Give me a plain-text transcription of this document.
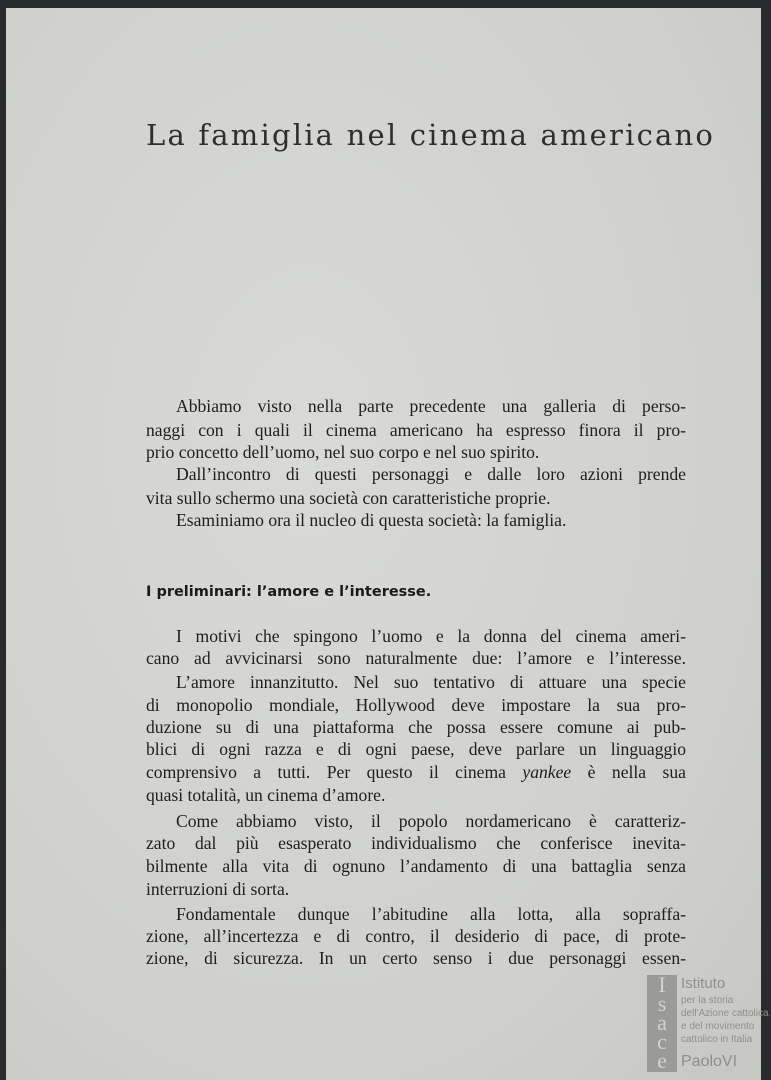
La famiglia nel cinema americano
Abbiamo visto nella parte precedente una galleria di perso-
naggi con i quali il cinema americano ha espresso finora il pro-
prio concetto dell’uomo, nel suo corpo e nel suo spirito.
Dall’incontro di questi personaggi e dalle loro azioni prende
vita sullo schermo una società con caratteristiche proprie.
Esaminiamo ora il nucleo di questa società: la famiglia.
I preliminari: l’amore e l’interesse.
I motivi che spingono l’uomo e la donna del cinema ameri-
cano ad avvicinarsi sono naturalmente due: l’amore e l’interesse.
L’amore innanzitutto. Nel suo tentativo di attuare una specie
di monopolio mondiale, Hollywood deve impostare la sua pro-
duzione su di una piattaforma che possa essere comune ai pub-
blici di ogni razza e di ogni paese, deve parlare un linguaggio
comprensivo a tutti. Per questo il cinema yankee è nella sua
quasi totalità, un cinema d’amore.
Come abbiamo visto, il popolo nordamericano è caratteriz-
zato dal più esasperato individualismo che conferisce inevita-
bilmente alla vita di ognuno l’andamento di una battaglia senza
interruzioni di sorta.
Fondamentale dunque l’abitudine alla lotta, alla sopraffa-
zione, all’incertezza e di contro, il desiderio di pace, di prote-
zione, di sicurezza. In un certo senso i due personaggi essen-
I
s
a
c
e
Istituto
per la storia
dell'Azione cattolica
e del movimento
cattolico in Italia
PaoloVI
